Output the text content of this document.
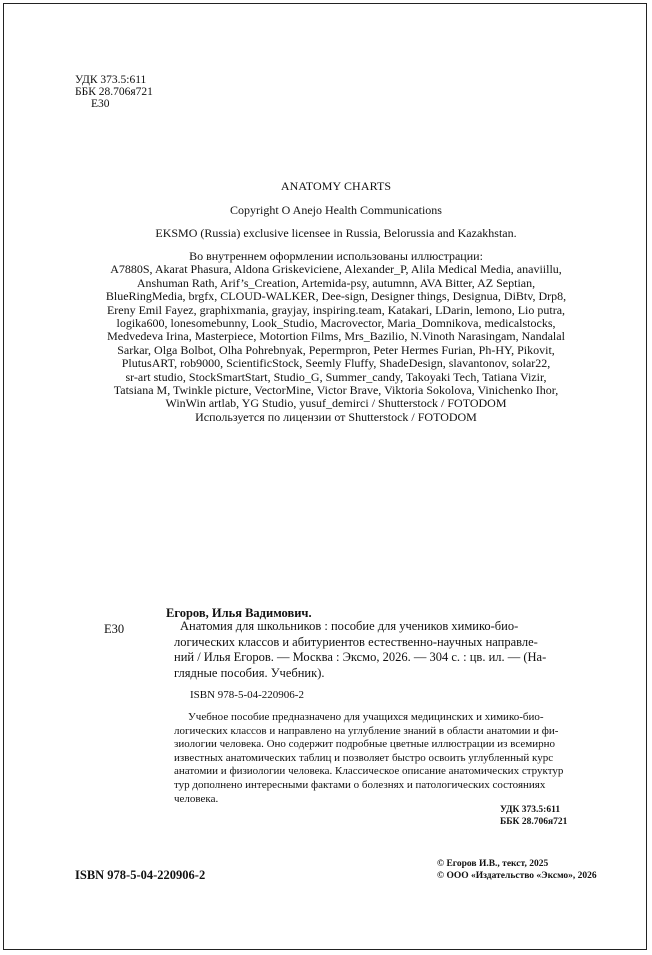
УДК 373.5:611
ББК 28.706я721
Е30
ANATOMY CHARTS
Copyright O Anejo Health Communications
EKSMO (Russia) exclusive licensee in Russia, Belorussia and Kazakhstan.
Во внутреннем оформлении использованы иллюстрации:
A7880S, Akarat Phasura, Aldona Griskeviciene, Alexander_P, Alila Medical Media, anaviillu,
Anshuman Rath, Arif’s_Creation, Artemida-psy, autumnn, AVA Bitter, AZ Septian,
BlueRingMedia, brgfx, CLOUD-WALKER, Dee-sign, Designer things, Designua, DiBtv, Drp8,
Ereny Emil Fayez, graphixmania, grayjay, inspiring.team, Katakari, LDarin, lemono, Lio putra,
logika600, lonesomebunny, Look_Studio, Macrovector, Maria_Domnikova, medicalstocks,
Medvedeva Irina, Masterpiece, Motortion Films, Mrs_Bazilio, N.Vinoth Narasingam, Nandalal
Sarkar, Olga Bolbot, Olha Pohrebnyak, Pepermpron, Peter Hermes Furian, Ph-HY, Pikovit,
PlutusART, rob9000, ScientificStock, Seemly Fluffy, ShadeDesign, slavantonov, solar22,
sr-art studio, StockSmartStart, Studio_G, Summer_candy, Takoyaki Tech, Tatiana Vizir,
Tatsiana M, Twinkle picture, VectorMine, Victor Brave, Viktoria Sokolova, Vinichenko Ihor,
WinWin artlab, YG Studio, yusuf_demirci / Shutterstock / FOTODOM
Используется по лицензии от Shutterstock / FOTODOM
Егоров, Илья Вадимович.
Е30	Анатомия для школьников : пособие для учеников химико-био-
логических классов и абитуриентов естественно-научных направле-
ний / Илья Егоров. — Москва : Эксмо, 2026. — 304 с. : цв. ил. — (На-
глядные пособия. Учебник).
ISBN 978-5-04-220906-2
Учебное пособие предназначено для учащихся медицинских и химико-био-
логических классов и направлено на углубление знаний в области анатомии и фи-
зиологии человека. Оно содержит подробные цветные иллюстрации из всемирно
известных анатомических таблиц и позволяет быстро освоить углубленный курс
анатомии и физиологии человека. Классическое описание анатомических структур
тур дополнено интересными фактами о болезнях и патологических состояниях
человека.
УДК 373.5:611
ББК 28.706я721
ISBN 978-5-04-220906-2
© Егоров И.В., текст, 2025
© ООО «Издательство «Эксмо», 2026
